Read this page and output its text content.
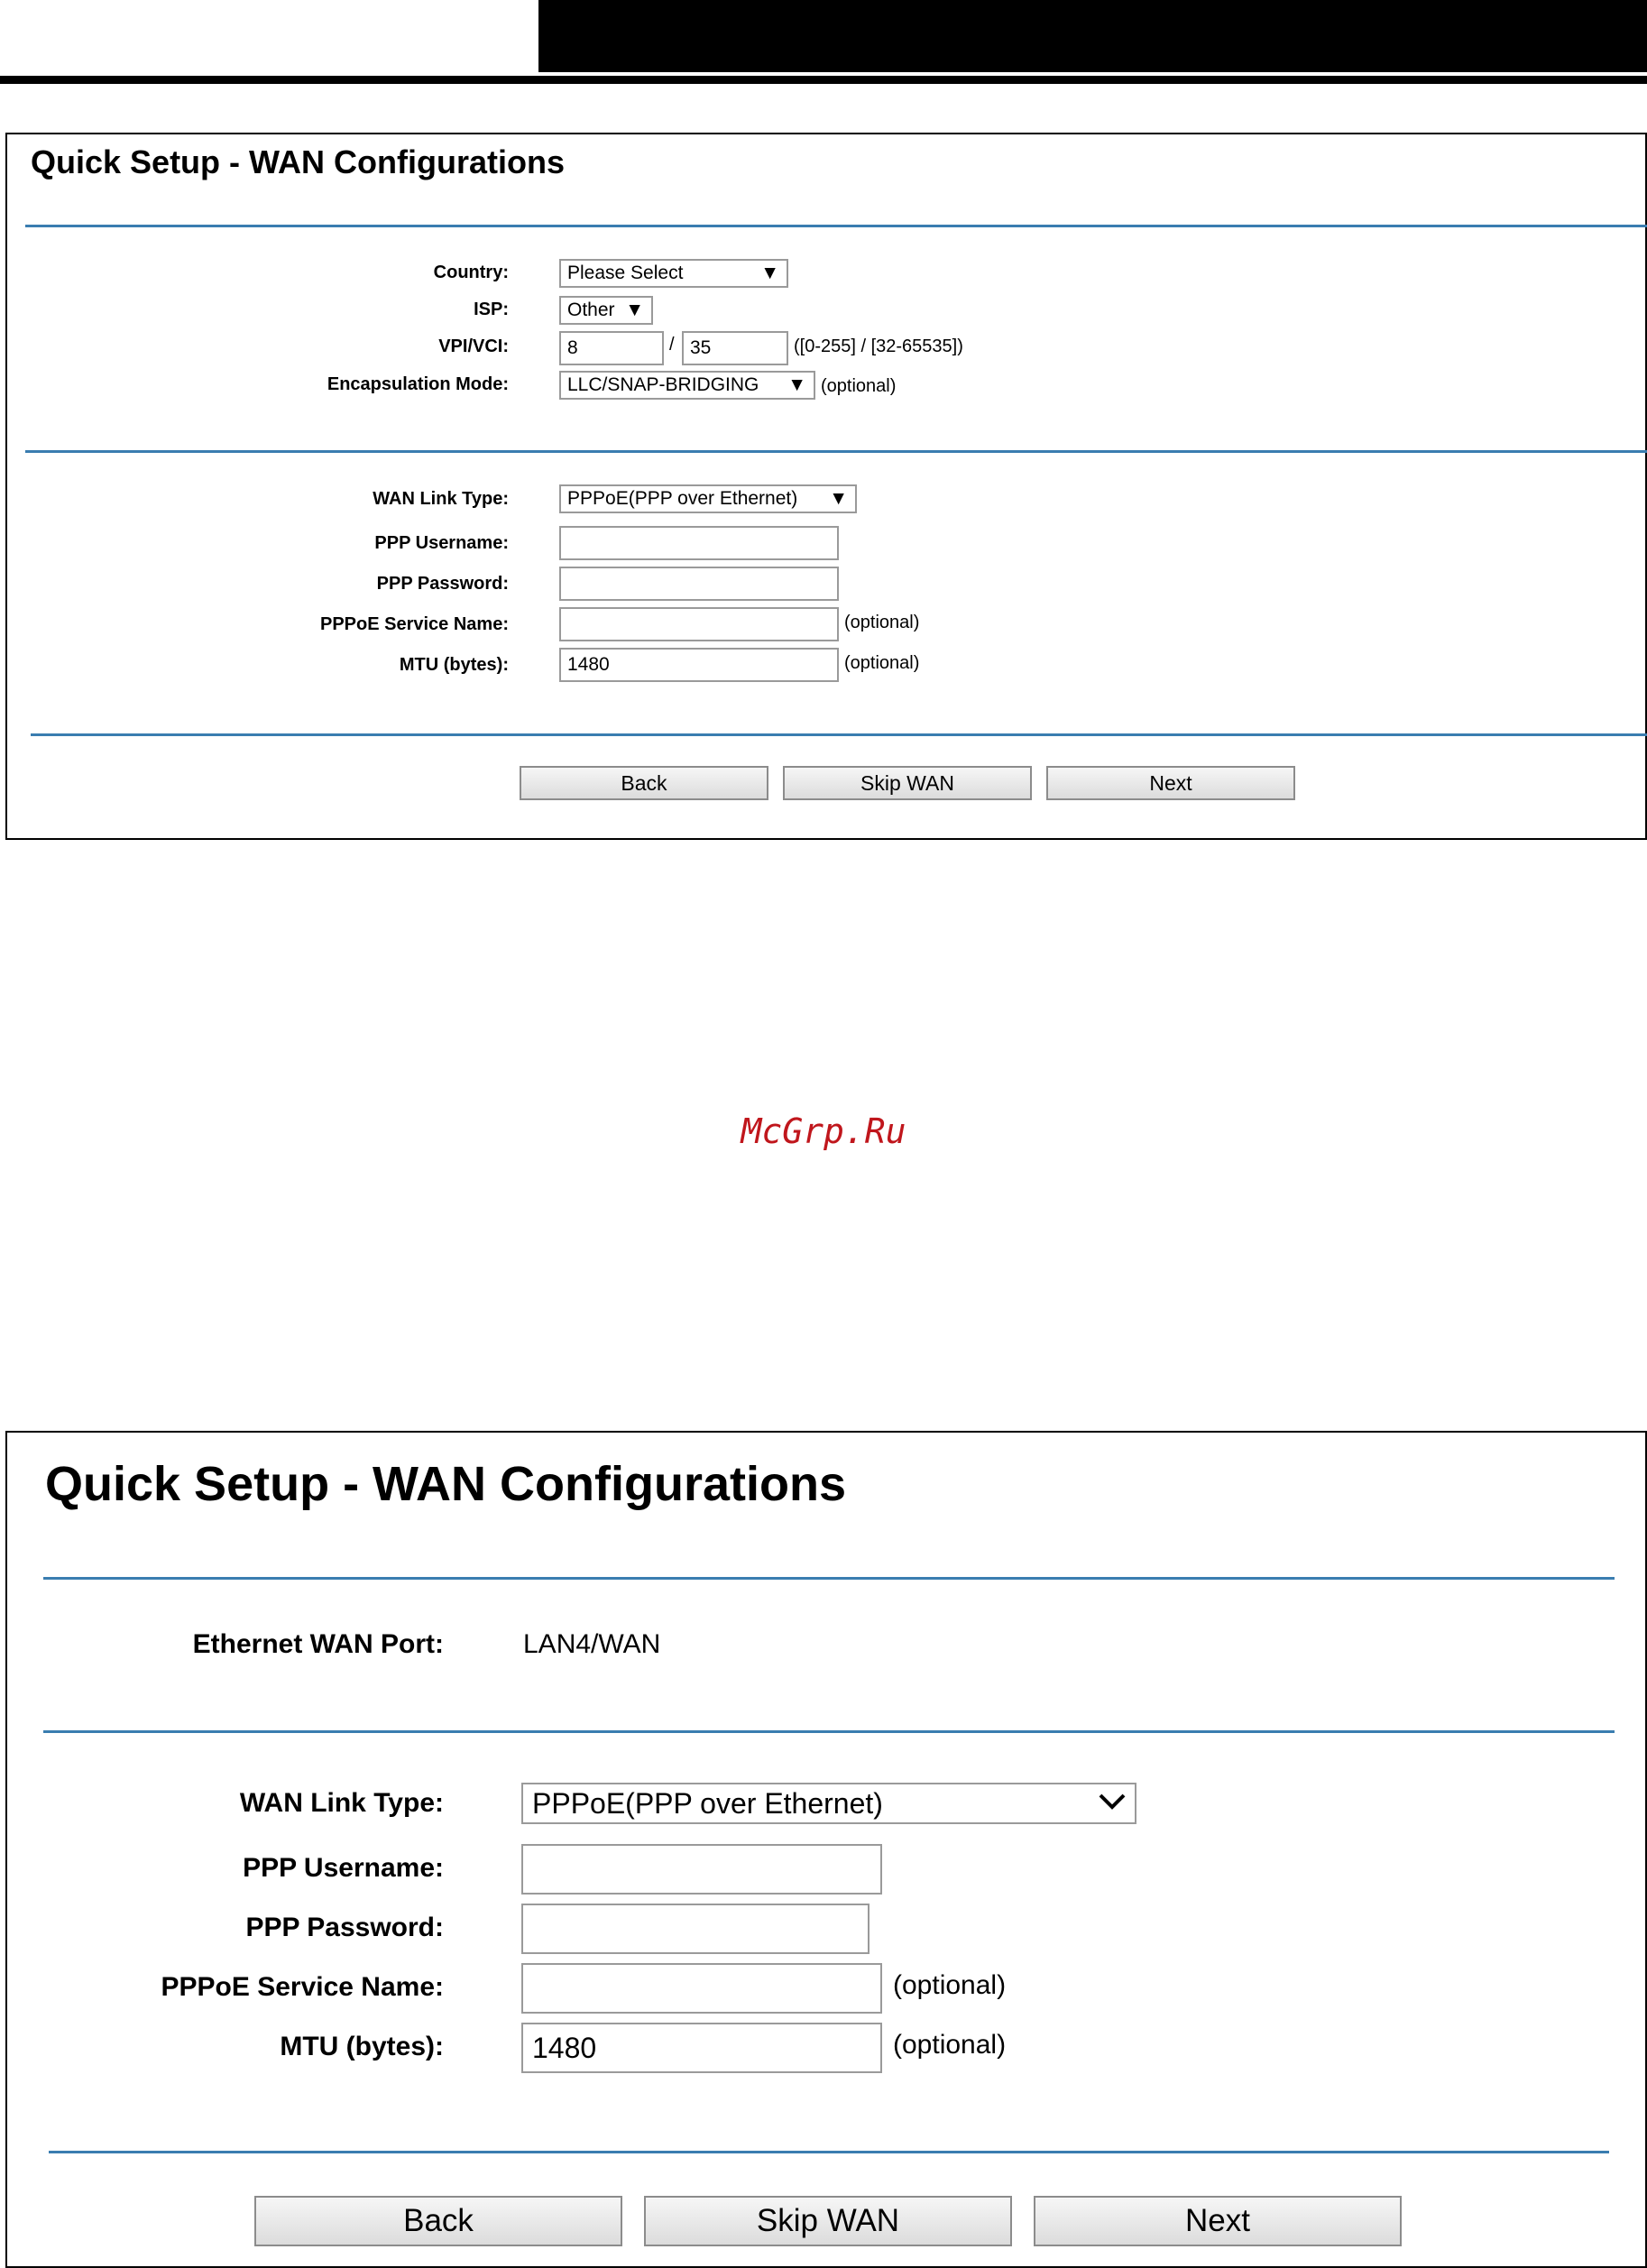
Quick Setup - WAN Configurations
Country:	Please Select	▼
ISP:	Other ▼
VPI/VCI:	8	/ 35	([0-255] / [32-65535])
Encapsulation Mode:	LLC/SNAP-BRIDGING ▼ (optional)
WAN Link Type:	PPPoE(PPP over Ethernet) ▼
PPP Username:
PPP Password:
PPPoE Service Name:	(optional)
MTU (bytes):	1480	(optional)
Back	Skip WAN	Next
McGrp.Ru
Quick Setup - WAN Configurations
Ethernet WAN Port:	LAN4/WAN
WAN Link Type:	PPPoE(PPP over Ethernet)
PPP Username:
PPP Password:
PPPoE Service Name:	(optional)
MTU (bytes):	1480	(optional)
Back	Skip WAN	Next
